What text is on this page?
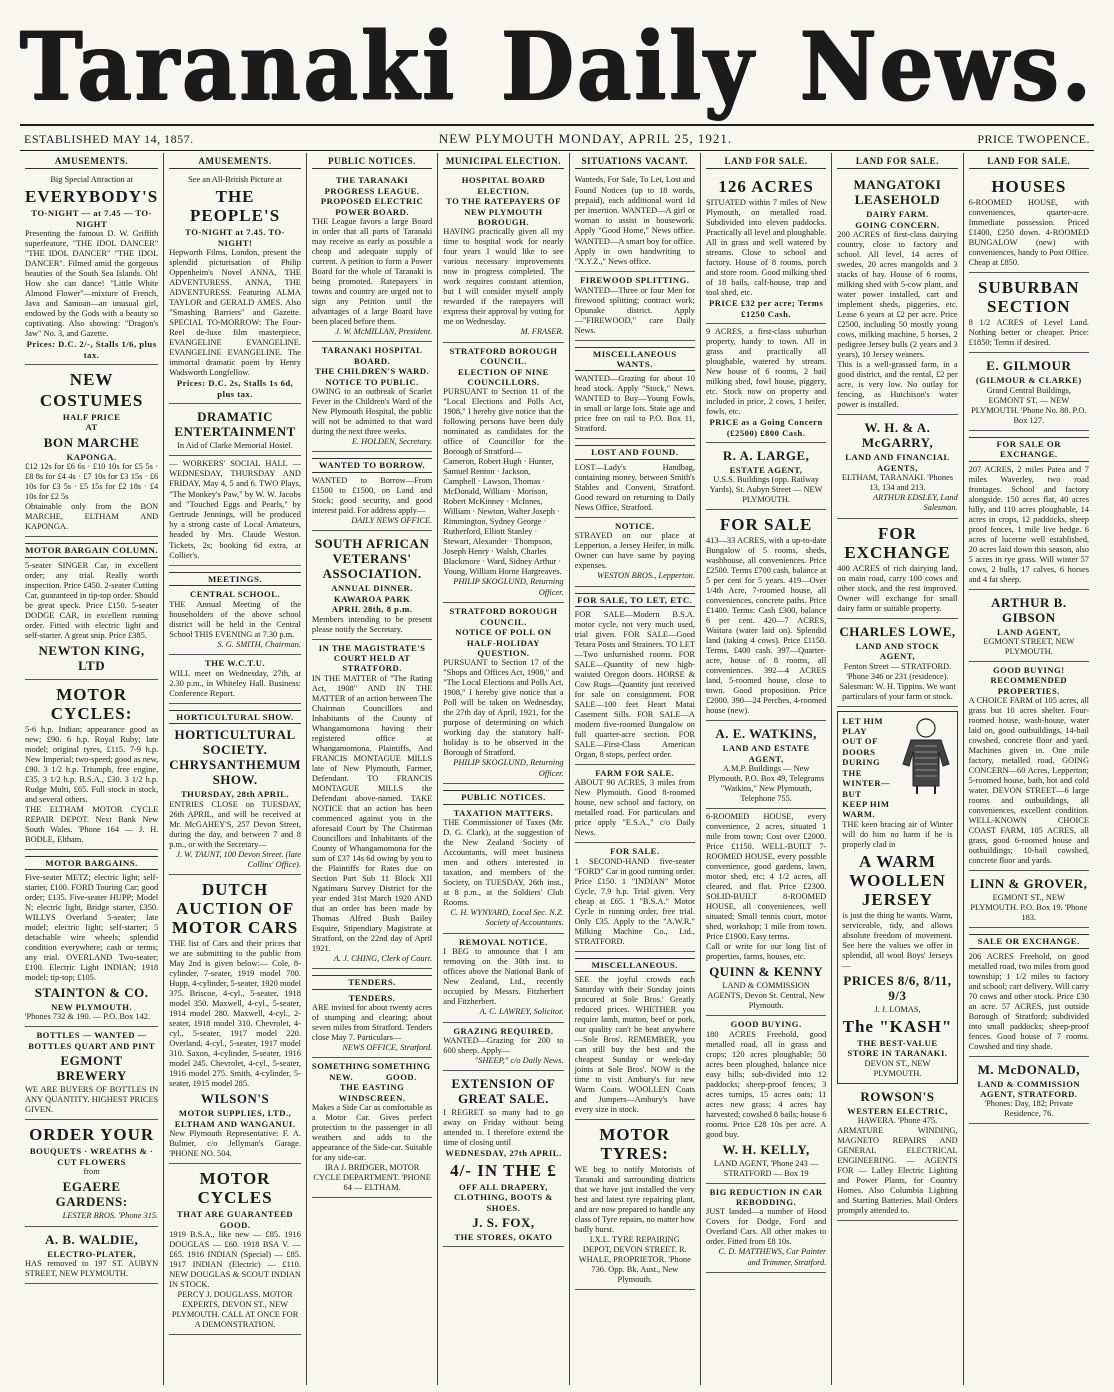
Taranaki Daily News.
ESTABLISHED MAY 14, 1857.	NEW PLYMOUTH MONDAY, APRIL 25, 1921.	PRICE TWOPENCE.
AMUSEMENTS.
Big Special Attraction at
EVERYBODY'S
TO-NIGHT — at 7.45 — TO-NIGHT
Presenting the famous D. W. Griffith superfeature, "THE IDOL DANCER" "THE IDOL DANCER" "THE IDOL DANCER". Filmed amid the gorgeous beauties of the South Sea Islands. Oh! How she can dance! "Little White Almond Flower"—mixture of French, Java and Samoan—an unusual girl, endowed by the Gods with a beauty so captivating. Also showing: "Dragon's Jaw" No. 3, and Gazette.
Prices: D.C. 2/-, Stalls 1/6, plus tax.
NEW
COSTUMES
HALF PRICE
AT
BON MARCHE
KAPONGA.
£12 12s for £6 6s · £10 10s for £5 5s · £8 8s for £4 4s · £7 10s for £3 15s · £6 10s for £3 5s · £5 15s for £2 18s · £4 10s for £2 5s
Obtainable only from the BON MARCHE, ELTHAM AND KAPONGA.
MOTOR BARGAIN COLUMN.
5-seater SINGER Car, in excellent order; any trial. Really worth inspection. Price £450. 2-seater Cutting Car, guaranteed in tip-top order. Should be great speck. Price £150. 5-seater DODGE CAR, in excellent running order. Fitted with electric light and self-starter. A great snip. Price £385.
NEWTON KING, LTD
MOTOR CYCLES:
5-6 h.p. Indian; appearance good as new; £90. 6 h.p. Royal Ruby; late model; original tyres, £115. 7-9 h.p. New Imperial; two-speed; good as new, £90. 3 1/2 h.p. Triumph, free engine, £35. 3 1/2 h.p. B.S.A., £30. 3 1/2 h.p. Rudge Multi, £65. Full stock in stock, and several others.
THE ELTHAM MOTOR CYCLE REPAIR DEPOT. Next Bank New South Wales. 'Phone 164 — J. H. BODLE, Eltham.
MOTOR BARGAINS.
Five-seater METZ; electric light; self-starter, £100. FORD Touring Car; good order; £135. Five-seater HUPP; Model N; electric light, Bridge starter, £350. WILLYS Overland 5-seater; late model; electric light; self-starter; 5 detachable wire wheels; splendid condition everywhere; cash or terms; any trial. OVERLAND Two-seater; £100. Electric Light INDIAN; 1918 model; tip-top; £105.
STAINTON & CO.
NEW PLYMOUTH.
'Phones 732 & 190. — P.O. Box 142.
BOTTLES — WANTED — BOTTLES QUART AND PINT
EGMONT BREWERY
WE ARE BUYERS OF BOTTLES IN ANY QUANTITY. HIGHEST PRICES GIVEN.
ORDER YOUR
BOUQUETS · WREATHS & · CUT FLOWERS
from
EGAERE GARDENS:
LESTER BROS. 'Phone 315.
A. B. WALDIE,
ELECTRO-PLATER,
HAS removed to 197 ST. AUBYN STREET, NEW PLYMOUTH.
AMUSEMENTS.
See an All-British Picture at
THE PEOPLE'S
TO-NIGHT at 7.45. TO-NIGHT!
Hepworth Films, London, present the splendid picturisation of Philip Oppenheim's Novel ANNA, THE ADVENTURESS. ANNA, THE ADVENTURESS. Featuring ALMA TAYLOR and GERALD AMES. Also "Smashing Barriers" and Gazette. SPECIAL TO-MORROW: The Four-Reel de-luxe film masterpiece, EVANGELINE EVANGELINE. EVANGELINE EVANGELINE. The immortal dramatic poem by Henry Wadsworth Longfellow.
Prices: D.C. 2s, Stalls 1s 6d, plus tax.
DRAMATIC ENTERTAINMENT
In Aid of Clarke Memorial Hostel.
— WORKERS' SOCIAL HALL — WEDNESDAY, THURSDAY AND FRIDAY, May 4, 5 and 6. TWO Plays, "The Monkey's Paw," by W. W. Jacobs and "Touched Eggs and Pearls," by Gertrude Jennings, will be produced by a strong caste of Local Amateurs, headed by Mrs. Claude Weston. Tickets, 2s; booking 6d extra, at Collier's.
MEETINGS.
CENTRAL SCHOOL.
THE Annual Meeting of the householders of the above school district will be held in the Central School THIS EVENING at 7.30 p.m.
S. G. SMITH, Chairman.
THE W.C.T.U.
WILL meet on Wednesday, 27th, at 2.30 p.m., in Whiteley Hall. Business: Conference Report.
HORTICULTURAL SHOW.
HORTICULTURAL SOCIETY. CHRYSANTHEMUM SHOW.
THURSDAY, 28th APRIL.
ENTRIES CLOSE on TUESDAY, 26th APRIL, and will be received at Mr. McGAHEY'S, 257 Devon Street, during the day, and between 7 and 8 p.m., or with the Secretary—
J. W. TAUNT, 100 Devon Street. (late Collins' Office).
DUTCH AUCTION OF MOTOR CARS
THE list of Cars and their prices that we are submitting to the public from May 2nd is given below:— Cole, 8-cylinder, 7-seater, 1919 model 700. Hupp, 4-cylinder, 5-seater, 1920 model 375. Briscoe, 4-cyl., 5-seater, 1918 model 350. Maxwell, 4-cyl., 5-seater, 1914 model 280. Maxwell, 4-cyl., 2-seater, 1918 model 310. Chevrolet, 4-cyl., 5-seater, 1917 model 220. Overland, 4-cyl., 5-seater, 1917 model 310. Saxon, 4-cylinder, 5-seater, 1916 model 245. Chevrolet, 4-cyl., 5-seater, 1916 model 275. Smith, 4-cylinder, 5-seater, 1915 model 285.
WILSON'S
MOTOR SUPPLIES, LTD., ELTHAM AND WANGANUI.
New Plymouth Representative: F. A. Bulmer, c/o Jellyman's Garage. 'PHONE NO. 504.
MOTOR CYCLES
THAT ARE GUARANTEED GOOD.
1919 B.S.A., like new — £85. 1916 DOUGLAS — £60. 1918 BSA V. — £65. 1916 INDIAN (Special) — £85. 1917 INDIAN (Electric) — £110. NEW DOUGLAS & SCOUT INDIAN IN STOCK.
PERCY J. DOUGLASS. MOTOR EXPERTS, DEVON ST., NEW PLYMOUTH. CALL AT ONCE FOR A DEMONSTRATION.
PUBLIC NOTICES.
THE TARANAKI PROGRESS LEAGUE.
PROPOSED ELECTRIC POWER BOARD.
THE League favors a large Board in order that all parts of Taranaki may receive as early as possible a cheap and adequate supply of current. A petition to form a Power Board for the whole of Taranaki is being promoted. Ratepayers in towns and country are urged not to sign any Petition until the advantages of a large Board have been placed before them.
J. W. McMILLAN, President.
TARANAKI HOSPITAL BOARD.
THE CHILDREN'S WARD.
NOTICE TO PUBLIC.
OWING to an outbreak of Scarlet Fever in the Children's Ward of the New Plymouth Hospital, the public will not be admitted to that ward during the next three weeks.
E. HOLDEN, Secretary.
WANTED TO BORROW.
WANTED to Borrow—From £1500 to £1500, on Land and Stock; good security, and good interest paid. For address apply—
DAILY NEWS OFFICE.
SOUTH AFRICAN VETERANS' ASSOCIATION.
ANNUAL DINNER.
KAWAROA PARK
APRIL 28th, 8 p.m.
Members intending to be present please notify the Secretary.
IN THE MAGISTRATE'S COURT HELD AT STRATFORD.
IN THE MATTER of "The Rating Act, 1908" AND IN THE MATTER of an action between The Chairman Councillors and Inhabitants of the County of Whangamomona having their registered office at Whangamomona, Plaintiffs, And FRANCIS MONTAGUE MILLS late of New Plymouth, Farmer, Defendant. TO FRANCIS MONTAGUE MILLS the Defendant above-named. TAKE NOTICE that an action has been commenced against you in the aforesaid Court by The Chairman Councillors and Inhabitants of the County of Whangamomona for the sum of £37 14s 6d owing by you to the Plaintiffs for Rates due on Section Part Sub 11 Block XII Ngatimaru Survey District for the year ended 31st March 1920 AND that an order has been made by Thomas Alfred Bush Bailey Esquire, Stipendiary Magistrate at Stratford, on the 22nd day of April 1921.
A. J. CHING, Clerk of Court.
TENDERS.
TENDERS.
ARE invited for about twenty acres of stumping and clearing; about seven miles from Stratford. Tenders close May 7. Particulars—
NEWS OFFICE, Stratford.
SOMETHING NEW.
SOMETHING GOOD.
THE EASTING WINDSCREEN.
Makes a Side Car as comfortable as a Motor Car. Gives perfect protection to the passenger in all weathers and adds to the appearance of the Side-car. Suitable for any side-car.
IRA J. BRIDGER, MOTOR CYCLE DEPARTMENT. 'PHONE 64 — ELTHAM.
MUNICIPAL ELECTION.
HOSPITAL BOARD ELECTION.
TO THE RATEPAYERS OF NEW PLYMOUTH BOROUGH.
HAVING practically given all my time to hospital work for nearly four years I would like to see various necessary improvements now in progress completed. The work requires constant attention, but I will consider myself amply rewarded if the ratepayers will express their approval by voting for me on Wednesday.
M. FRASER.
STRATFORD BOROUGH COUNCIL.
ELECTION OF NINE COUNCILLORS.
PURSUANT to Section 11 of the "Local Elections and Polls Act, 1908," I hereby give notice that the following persons have been duly nominated as candidates for the office of Councillor for the Borough of Stratford—
Cameron, Robert Hugh · Hunter, Samuel Renton · Jackson, Campbell · Lawson, Thomas · McDonald, William · Morison, Robert McKinney · McInnes, William · Newton, Walter Joseph · Rimmington, Sydney George · Rutherford, Elliott Stanley · Stewart, Alexander · Thompson, Joseph Henry · Walsh, Charles Blackmore · Ward, Sidney Arthur · Young, William Horne Hargreaves.
PHILIP SKOGLUND, Returning Officer.
STRATFORD BOROUGH COUNCIL.
NOTICE OF POLL ON HALF-HOLIDAY QUESTION.
PURSUANT to Section 17 of the "Shops and Offices Act, 1908," and "The Local Elections and Polls Act, 1908," I hereby give notice that a Poll will be taken on Wednesday, the 27th day of April, 1921, for the purpose of determining on which working day the statutory half-holiday is to be observed in the Borough of Stratford.
PHILIP SKOGLUND, Returning Officer.
PUBLIC NOTICES.
TAXATION MATTERS.
THE Commissioner of Taxes (Mr. D. G. Clark), at the suggestion of the New Zealand Society of Accountants, will meet business men and others interested in taxation, and members of the Society, on TUESDAY, 26th inst., at 8 p.m., at the Soldiers' Club Rooms.
C. H. WYNYARD, Local Sec. N.Z. Society of Accountants.
REMOVAL NOTICE.
I BEG to announce that I am removing on the 30th inst. to offices above the National Bank of New Zealand, Ltd., recently occupied by Messrs. Fitzherbert and Fitzherbert.
A. C. LAWREY, Solicitor.
GRAZING REQUIRED.
WANTED—Grazing for 200 to 600 sheep. Apply—
"SHEEP," c/o Daily News.
EXTENSION OF GREAT SALE.
I REGRET so many had to go away on Friday without being attended to. I therefore extend the time of closing until
WEDNESDAY, 27th APRIL.
4/- IN THE £
OFF ALL DRAPERY, CLOTHING, BOOTS & SHOES.
J. S. FOX,
THE STORES, OKATO
SITUATIONS VACANT.
Wanteds, For Sale, To Let, Lost and Found Notices (up to 18 words, prepaid), each additional word 1d per insertion. WANTED—A girl or woman to assist in housework. Apply "Good Home," News office. WANTED—A smart boy for office. Apply in own handwriting to "X.Y.Z.," News office.
FIREWOOD SPLITTING.
WANTED—Three or four Men for firewood splitting; contract work; Opunake district. Apply—"FIREWOOD," care Daily News.
MISCELLANEOUS WANTS.
WANTED—Grazing for about 10 head stock. Apply "Stock," News. WANTED to Buy—Young Fowls, in small or large lots. State age and price free on rail to P.O. Box 11, Stratford.
LOST AND FOUND.
LOST—Lady's Handbag, containing money, between Smith's Stables and Convent, Stratford. Good reward on returning to Daily News Office, Stratford.
NOTICE.
STRAYED on our place at Lepperton, a Jersey Heifer, in milk. Owner can have same by paying expenses.
WESTON BROS., Lepperton.
FOR SALE, TO LET, ETC.
FOR SALE—Modern B.S.A. motor cycle, not very much used, trial given. FOR SALE—Good Tetara Posts and Strainers. TO LET—Two unfurnished rooms. FOR SALE—Quantity of new high-waisted Oregon doors. HORSE & Cow Rugs—Quantity just received for sale on consignment. FOR SALE—100 feet Heart Matai Casement Sills. FOR SALE—A modern five-roomed Bungalow on full quarter-acre section. FOR SALE—First-Class American Organ, 8 stops, perfect order.
FARM FOR SALE.
ABOUT 90 ACRES, 3 miles from New Plymouth. Good 8-roomed house, new school and factory, on metalled road. For particulars and price apply "E.S.A.," c/o Daily News.
FOR SALE.
1 SECOND-HAND five-seater "FORD" Car in good running order. Price £150. 1 "INDIAN" Motor Cycle, 7.9 h.p. Trial given. Very cheap at £65. 1 "B.S.A." Motor Cycle in running order, free trial. Only £35. Apply to the "A.W.R." Milking Machine Co., Ltd., STRATFORD.
MISCELLANEOUS.
SEE the joyful crowds each Saturday with their Sunday joints procured at Sole Bros.' Greatly reduced prices. WHETHER you require lamb, mutton, beef or pork, our quality can't be beat anywhere—Sole Bros'. REMEMBER, you can still buy the best and the cheapest Sunday or week-day joints at Sole Bros'. NOW is the time to visit Ambury's for new Warm Coats. WOOLLEN Coats and Jumpers—Ambury's have every size in stock.
MOTOR TYRES:
WE beg to notify Motorists of Taranaki and surrounding districts that we have just installed the very best and latest tyre repairing plant, and are now prepared to handle any class of Tyre repairs, no matter how badly burst.
I.X.L. TYRE REPAIRING DEPOT, DEVON STREET. R. WHALE, PROPRIETOR. 'Phone 736. Opp. Bk. Aust., New Plymouth.
LAND FOR SALE.
126 ACRES
SITUATED within 7 miles of New Plymouth, on metalled road. Subdivided into eleven paddocks. Practically all level and ploughable. All in grass and well watered by streams. Close to school and factory. House of 8 rooms, porch and store room. Good milking shed of 18 bails, calf-house, trap and tool shed, etc.
PRICE £32 per acre; Terms £1250 Cash.
9 ACRES, a first-class suburban property, handy to town. All in grass and practically all ploughable, watered by stream. New house of 6 rooms, 2 bail milking shed, fowl house, piggery, etc. Stock now on property and included in price, 2 cows, 1 heifer, fowls, etc.
PRICE as a Going Concern (£2500) £800 Cash.
R. A. LARGE,
ESTATE AGENT,
U.S.S. Buildings (opp. Railway Yards), St. Aubyn Street — NEW PLYMOUTH.
FOR SALE
413—33 ACRES, with a up-to-date Bungalow of 5 rooms, sheds, washhouse, all conveniences. Price £2500. Terms £700 cash, balance at 5 per cent for 5 years. 419—Over 1/4th Acre, 7-roomed house, all conveniences, concrete paths. Price £1400. Terms: Cash £300, balance 6 per cent. 420—7 ACRES, Waitara (water laid on). Splendid land (taking 4 cows). Price £1150. Terms, £400 cash. 397—Quarter-acre, house of 8 rooms, all conveniences. 392—4 ACRES land, 5-roomed house, close to town. Good proposition. Price £2000. 390—24 Perches, 4-roomed house (new).
A. E. WATKINS,
LAND AND ESTATE AGENT,
A.M.P. Buildings — New Plymouth. P.O. Box 49, Telegrams "Watkins," New Plymouth, Telephone 755.
6-ROOMED HOUSE, every convenience, 2 acres, situated 1 mile from town; Cost over £2000. Price £1150. WELL-BUILT 7-ROOMED HOUSE, every possible convenience, good gardens, lawn, motor shed, etc; 4 1/2 acres, all cleared, and flat. Price £2300. SOLID-BUILT 8-ROOMED HOUSE, all conveniences, well situated; Small tennis court, motor shed, workshop; 1 mile from town. Price £1900. Easy terms.
Call or write for our long list of properties, farms, houses, etc.
QUINN & KENNY
LAND & COMMISSION AGENTS, Devon St. Central, New Plymouth.
GOOD BUYING.
180 ACRES Freehold, good metalled road, all in grass and crops; 120 acres ploughable; 50 acres been ploughed, balance nice easy hills; sub-divided into 12 paddocks; sheep-proof fences; 3 acres turnips, 15 acres oats; 11 acres new grass; 4 acres hay harvested; cowshed 8 bails; house 6 rooms. Price £28 10s per acre. A good buy.
W. H. KELLY,
LAND AGENT, 'Phone 243 — STRATFORD — Box 19
BIG REDUCTION IN CAR REBODDING.
JUST landed—a number of Hood Covers for Dodge, Ford and Overland Cars. All other makes to order. Fitted from £8 10s.
C. D. MATTHEWS, Car Painter and Trimmer, Stratford.
LAND FOR SALE.
MANGATOKI LEASEHOLD
DAIRY FARM.
GOING CONCERN.
200 ACRES of first-class dairying country, close to factory and school. All level, 14 acres of swedes, 20 acres mangolds and 3 stacks of hay. House of 6 rooms, milking shed with 5-cow plant, and water power installed, cart and implement sheds, piggeries, etc. Lease 6 years at £2 per acre. Price £2500, including 50 mostly young cows, milking machine, 5 horses, 2 pedigree Jersey bulls (2 years and 3 years), 10 Jersey weaners.
This is a well-grassed farm, in a good district, and the rental, £2 per acre, is very low. No outlay for fencing, as Hutchison's water power is installed.
W. H. & A. McGARRY,
LAND AND FINANCIAL AGENTS,
ELTHAM, TARANAKI. 'Phones 13, 134 and 213.
ARTHUR EDSLEY, Land Salesman.
FOR EXCHANGE
400 ACRES of rich dairying land, on main road, carry 100 cows and other stock, and the rest improved. Owner will exchange for small dairy farm or suitable property.
CHARLES LOWE,
LAND AND STOCK AGENT,
Fenton Street — STRATFORD. 'Phone 346 or 231 (residence). Salesman: W. H. Tippins. We want particulars of your farm or stock.
LET HIM PLAY
OUT OF DOORS
DURING THE
WINTER—BUT
KEEP HIM
WARM.
THE keen bracing air of Winter will do him no harm if he is properly clad in
A WARM WOOLLEN JERSEY
is just the thing he wants. Warm, serviceable, tidy, and allows absolute freedom of movement. See here the values we offer in splendid, all wool Boys' Jerseys—
PRICES 8/6, 8/11, 9/3
J. J. LOMAS,
The "KASH"
THE BEST-VALUE STORE IN TARANAKI.
DEVON ST., NEW PLYMOUTH.
ROWSON'S
WESTERN ELECTRIC,
HAWERA. 'Phone 475.
ARMATURE WINDING, MAGNETO REPAIRS AND GENERAL ELECTRICAL ENGINEERING. — AGENTS FOR — Lalley Electric Lighting and Power Plants, for Country Homes. Also Columbia Lighting and Starting Batteries. Mail Orders promptly attended to.
LAND FOR SALE.
HOUSES
6-ROOMED HOUSE, with conveniences, quarter-acre. Immediate possession. Priced £1400, £250 down. 4-ROOMED BUNGALOW (new) with conveniences, handy to Post Office. Cheap at £850.
SUBURBAN SECTION
8 1/2 ACRES of Level Land. Nothing better or cheaper. Price: £1850; Terms if desired.
E. GILMOUR
(GILMOUR & CLARKE)
Grand Central Buildings, EGMONT ST. — NEW PLYMOUTH. 'Phone No. 88. P.O. Box 127.
FOR SALE OR EXCHANGE.
207 ACRES, 2 miles Patea and 7 miles Waverley, two road frontages. School and factory alongside. 150 acres flat, 40 acres hilly, and 110 acres ploughable, 14 acres in crops, 12 paddocks, sheep proof fences, 1 mile live hedge. 6 acres of lucerne well established, 20 acres laid down this season, also 5 acres in rye grass. Will winter 57 cows, 2 bulls, 17 calves, 6 horses and 4 fat sheep.
ARTHUR B. GIBSON
LAND AGENT,
EGMONT STREET, NEW PLYMOUTH.
GOOD BUYING!
RECOMMENDED PROPERTIES.
A CHOICE FARM of 105 acres, all grass but 10 acres shelter. Four-roomed house, wash-house, water laid on, good outbuildings, 14-bail cowshed, concrete floor and yard. Machines given in. One mile factory, metalled road. GOING CONCERN—60 Acres, Lepperton; 5-roomed house, bath, hot and cold water. DEVON STREET—6 large rooms and outbuildings, all conveniences, excellent condition. WELL-KNOWN CHOICE COAST FARM, 105 ACRES, all grass, good 6-roomed house and outbuildings; 10-bail cowshed, concrete floor and yards.
LINN & GROVER,
EGMONT ST., NEW PLYMOUTH. P.O. Box 19. 'Phone 183.
SALE OR EXCHANGE.
206 ACRES Freehold, on good metalled road, two miles from good township; 1 1/2 miles to factory and school; cart delivery. Will carry 70 cows and other stock. Price £30 an acre. 57 ACRES, just outside Borough of Stratford; subdivided into small paddocks; sheep-proof fences. Good house of 7 rooms. Cowshed and tiny shade.
M. McDONALD,
LAND & COMMISSION AGENT, STRATFORD.
'Phones: Day, 182; Private Residence, 76.
